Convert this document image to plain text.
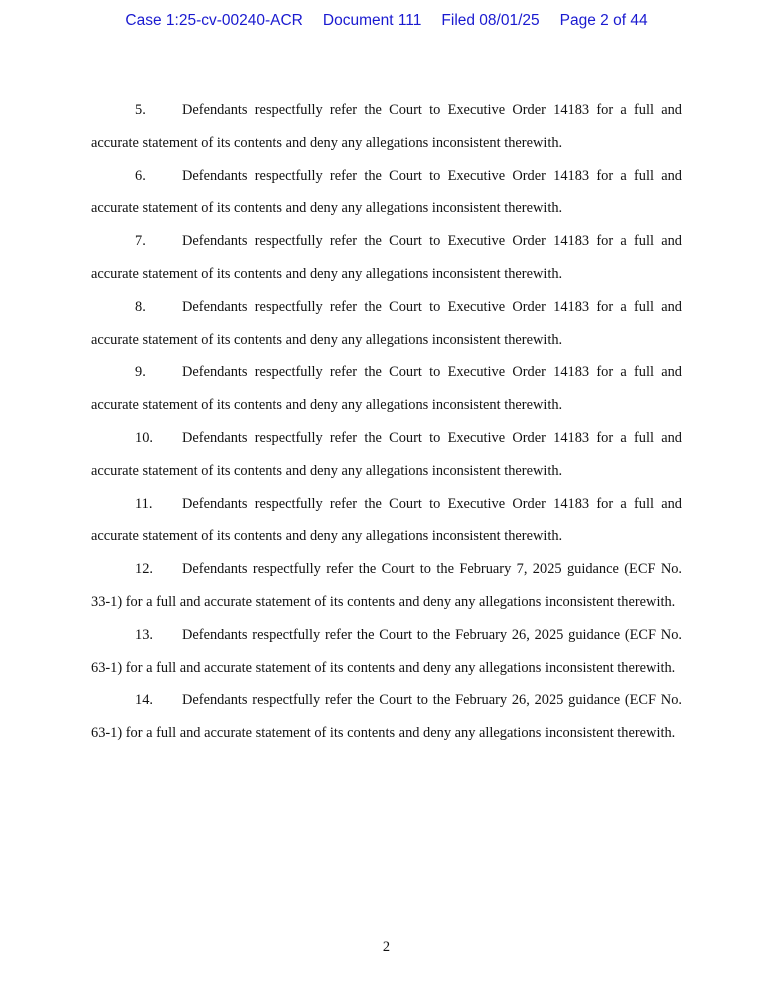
Case 1:25-cv-00240-ACR Document 111 Filed 08/01/25 Page 2 of 44

5.	Defendants respectfully refer the Court to Executive Order 14183 for a full and accurate statement of its contents and deny any allegations inconsistent therewith.

6.	Defendants respectfully refer the Court to Executive Order 14183 for a full and accurate statement of its contents and deny any allegations inconsistent therewith.

7.	Defendants respectfully refer the Court to Executive Order 14183 for a full and accurate statement of its contents and deny any allegations inconsistent therewith.

8.	Defendants respectfully refer the Court to Executive Order 14183 for a full and accurate statement of its contents and deny any allegations inconsistent therewith.

9.	Defendants respectfully refer the Court to Executive Order 14183 for a full and accurate statement of its contents and deny any allegations inconsistent therewith.

10. Defendants respectfully refer the Court to Executive Order 14183 for a full and accurate statement of its contents and deny any allegations inconsistent therewith.

11. Defendants respectfully refer the Court to Executive Order 14183 for a full and accurate statement of its contents and deny any allegations inconsistent therewith.

12. Defendants respectfully refer the Court to the February 7, 2025 guidance (ECF No. 33-1) for a full and accurate statement of its contents and deny any allegations inconsistent therewith.

13. Defendants respectfully refer the Court to the February 26, 2025 guidance (ECF No. 63-1) for a full and accurate statement of its contents and deny any allegations inconsistent therewith.

14. Defendants respectfully refer the Court to the February 26, 2025 guidance (ECF No. 63-1) for a full and accurate statement of its contents and deny any allegations inconsistent therewith.

2
